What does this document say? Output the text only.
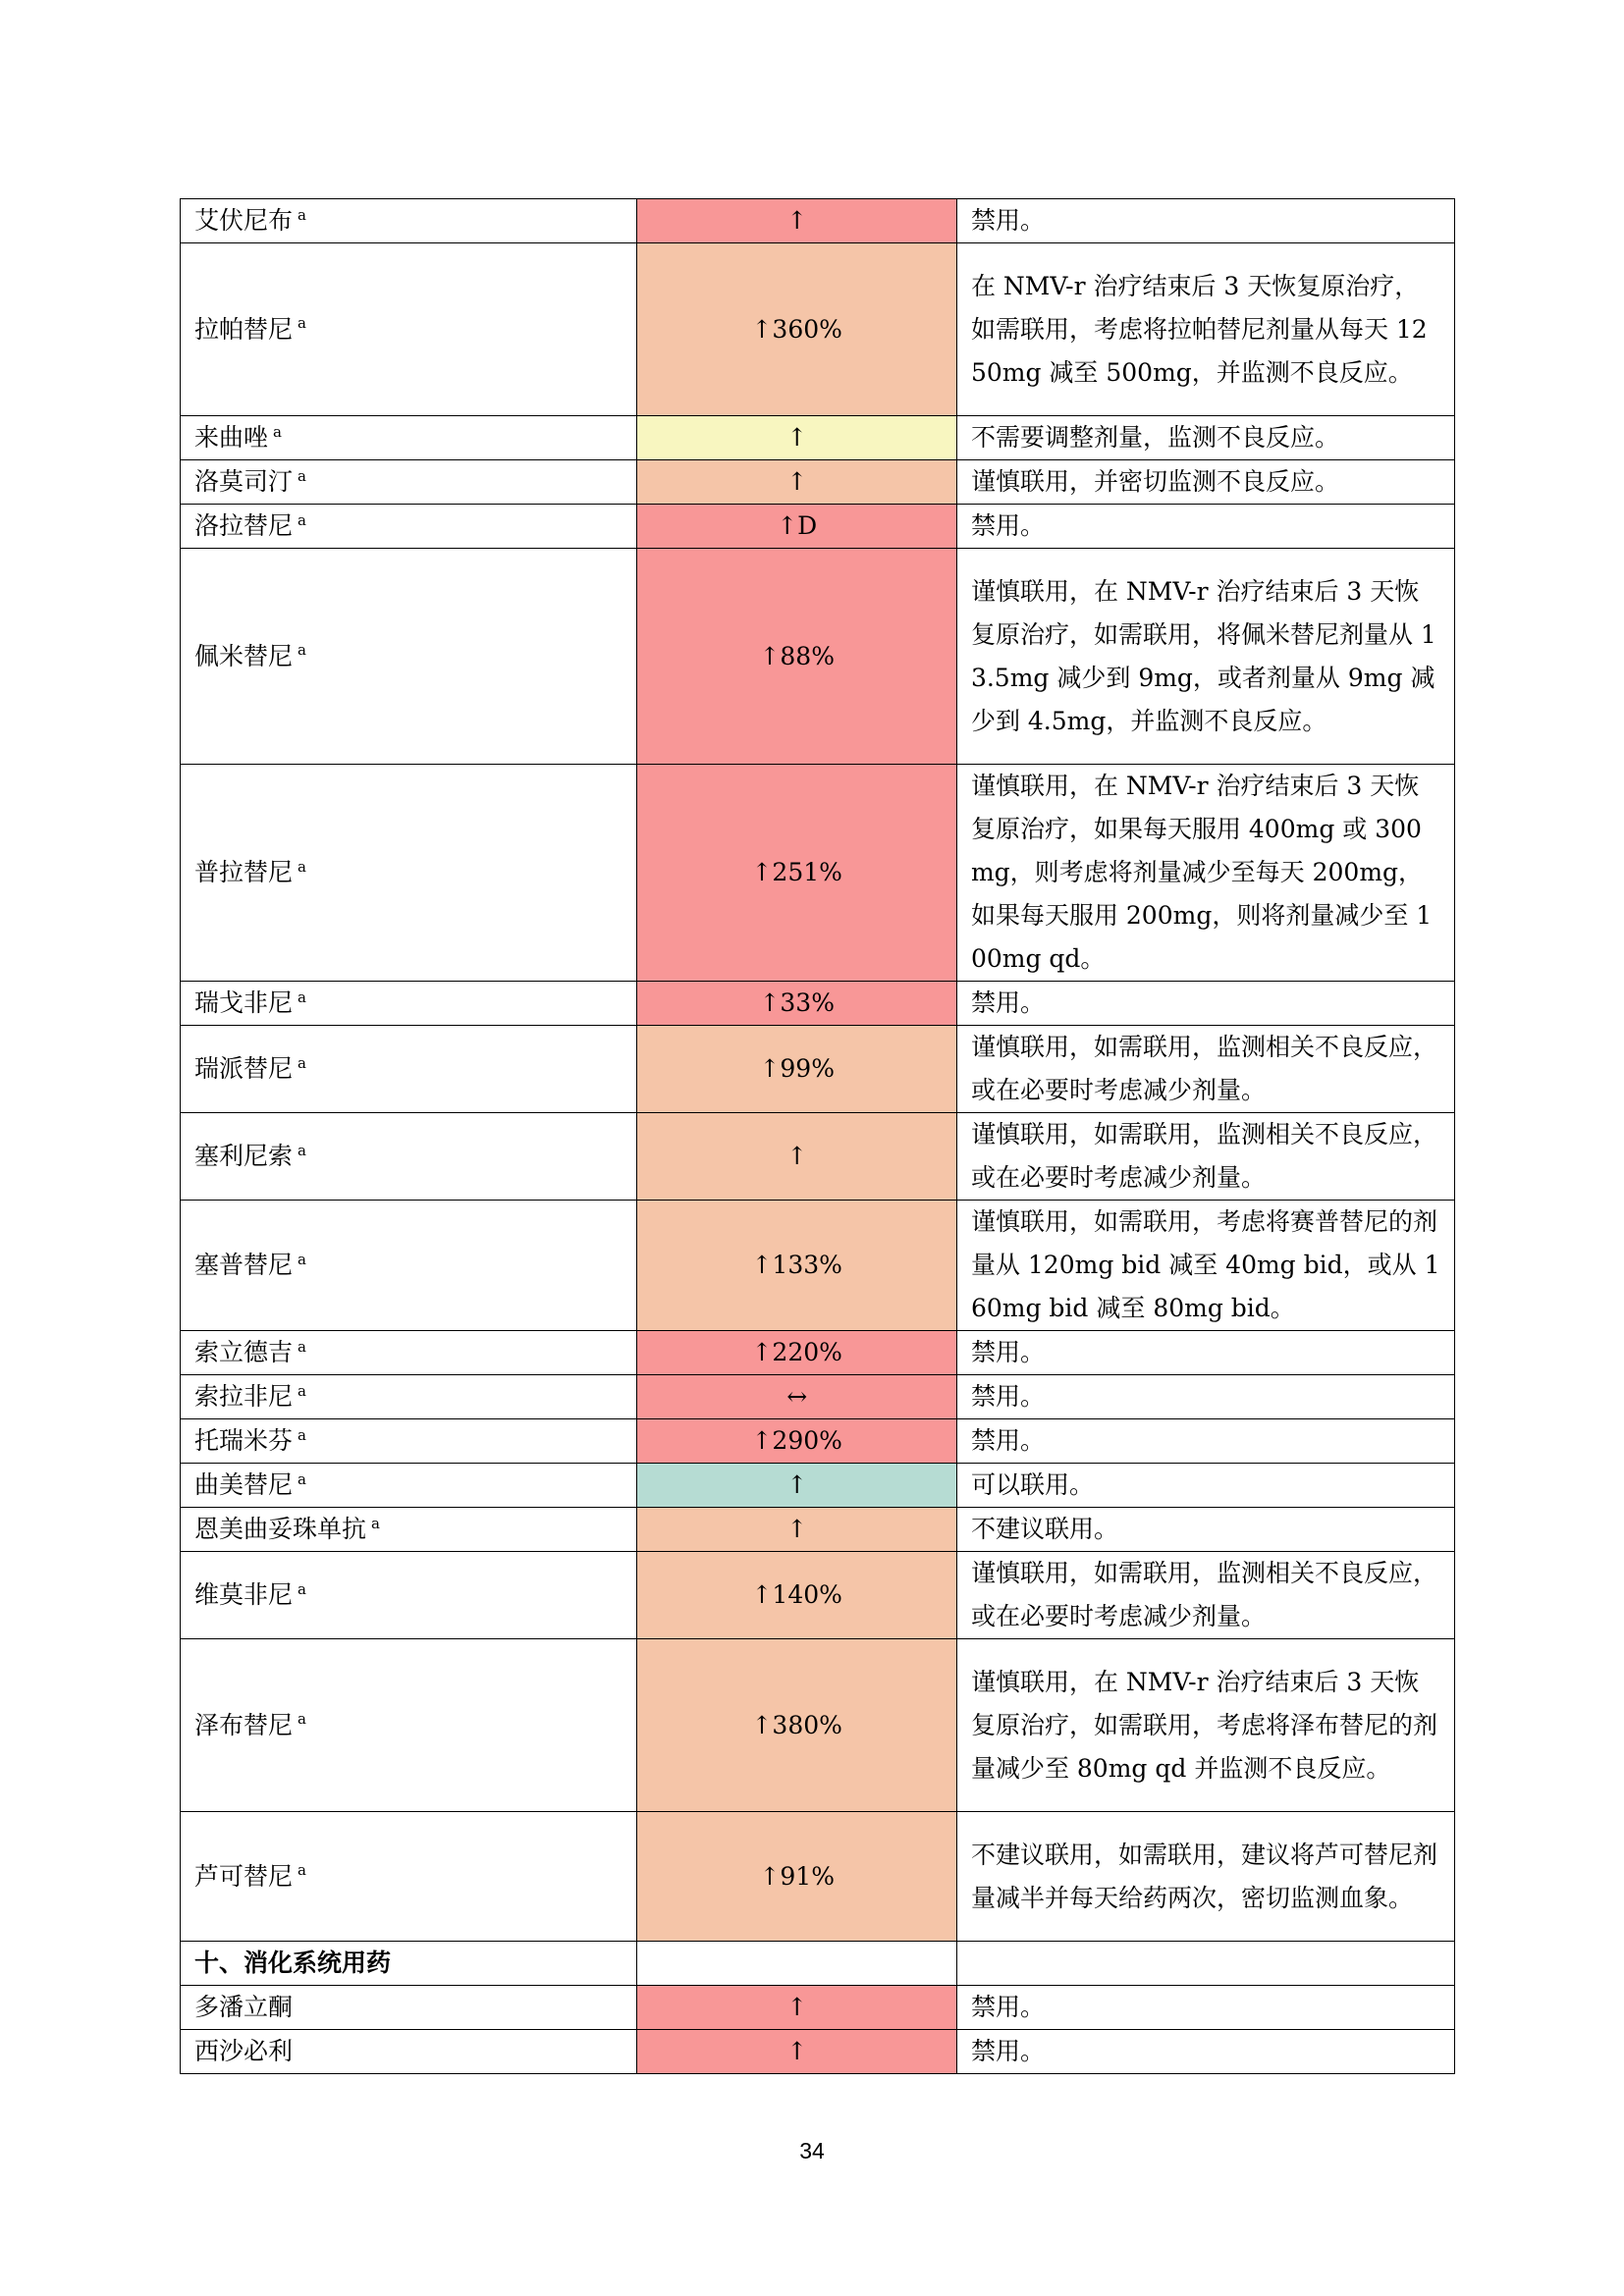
艾伏尼布 $^a$	↑	禁用。
拉帕替尼 $^a$	↑360%	在 NMV-r 治疗结束后 3 天恢复原治疗，如需联用，考虑将拉帕替尼剂量从每天 1250mg 减至 500mg，并监测不良反应。
来曲唑 $^a$	↑	不需要调整剂量，监测不良反应。
洛莫司汀 $^a$	↑	谨慎联用，并密切监测不良反应。
洛拉替尼 $^a$	↑D	禁用。
佩米替尼 $^a$	↑88%	谨慎联用，在 NMV-r 治疗结束后 3 天恢复原治疗，如需联用，将佩米替尼剂量从 13.5mg 减少到 9mg，或者剂量从 9mg 减少到 4.5mg，并监测不良反应。
普拉替尼 $^a$	↑251%	谨慎联用，在 NMV-r 治疗结束后 3 天恢复原治疗，如果每天服用 400mg 或 300mg，则考虑将剂量减少至每天 200mg，如果每天服用 200mg，则将剂量减少至 100mg qd。
瑞戈非尼 $^a$	↑33%	禁用。
瑞派替尼 $^a$	↑99%	谨慎联用，如需联用，监测相关不良反应，或在必要时考虑减少剂量。
塞利尼索 $^a$	↑	谨慎联用，如需联用，监测相关不良反应，或在必要时考虑减少剂量。
塞普替尼 $^a$	↑133%	谨慎联用，如需联用，考虑将赛普替尼的剂量从 120mg bid 减至 40mg bid，或从 160mg bid 减至 80mg bid。
索立德吉 $^a$	↑220%	禁用。
索拉非尼 $^a$	↔	禁用。
托瑞米芬 $^a$	↑290%	禁用。
曲美替尼 $^a$	↑	可以联用。
恩美曲妥珠单抗 $^a$	↑	不建议联用。
维莫非尼 $^a$	↑140%	谨慎联用，如需联用，监测相关不良反应，或在必要时考虑减少剂量。
泽布替尼 $^a$	↑380%	谨慎联用，在 NMV-r 治疗结束后 3 天恢复原治疗，如需联用，考虑将泽布替尼的剂量减少至 80mg qd 并监测不良反应。
芦可替尼 $^a$	↑91%	不建议联用，如需联用，建议将芦可替尼剂量减半并每天给药两次，密切监测血象。
十、消化系统用药		
多潘立酮	↑	禁用。
西沙必利	↑	禁用。
34
